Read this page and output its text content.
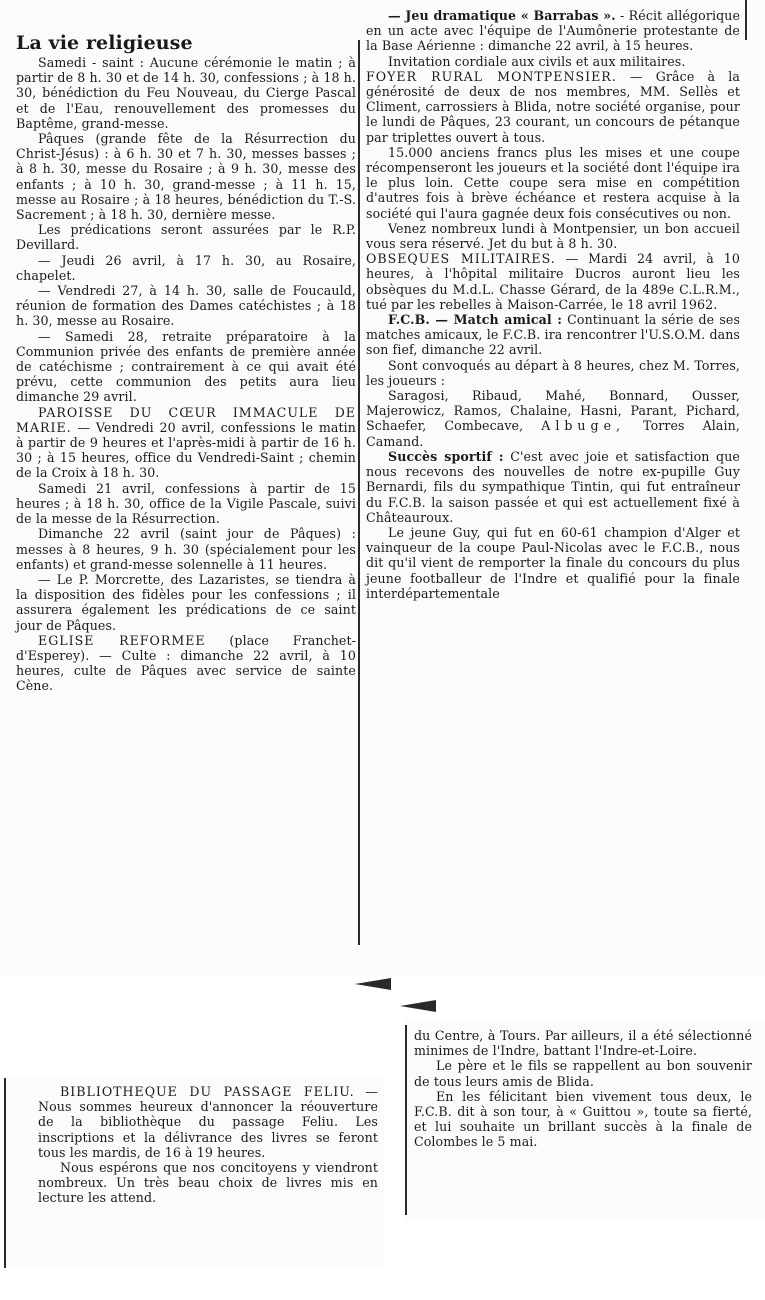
La vie religieuse

Samedi - saint : Aucune cérémonie le matin ; à partir de 8 h. 30 et de 14 h. 30, confessions ; à 18 h. 30, bénédiction du Feu Nouveau, du Cierge Pascal et de l'Eau, renouvellement des promesses du Baptême, grand-messe.

Pâques (grande fête de la Résurrection du Christ-Jésus) : à 6 h. 30 et 7 h. 30, messes basses ; à 8 h. 30, messe du Rosaire ; à 9 h. 30, messe des enfants ; à 10 h. 30, grand-messe ; à 11 h. 15, messe au Rosaire ; à 18 heures, bénédiction du T.-S. Sacrement ; à 18 h. 30, dernière messe.

Les prédications seront assurées par le R.P. Devillard.

— Jeudi 26 avril, à 17 h. 30, au Rosaire, chapelet.

— Vendredi 27, à 14 h. 30, salle de Foucauld, réunion de formation des Dames catéchistes ; à 18 h. 30, messe au Rosaire.

— Samedi 28, retraite préparatoire à la Communion privée des enfants de première année de catéchisme ; contrairement à ce qui avait été prévu, cette communion des petits aura lieu dimanche 29 avril.

PAROISSE DU CŒUR IMMACULE DE MARIE. — Vendredi 20 avril, confessions le matin à partir de 9 heures et l'après-midi à partir de 16 h. 30 ; à 15 heures, office du Vendredi-Saint ; chemin de la Croix à 18 h. 30.

Samedi 21 avril, confessions à partir de 15 heures ; à 18 h. 30, office de la Vigile Pascale, suivi de la messe de la Résurrection.

Dimanche 22 avril (saint jour de Pâques) : messes à 8 heures, 9 h. 30 (spécialement pour les enfants) et grand-messe solennelle à 11 heures.

— Le P. Morcrette, des Lazaristes, se tiendra à la disposition des fidèles pour les confessions ; il assurera également les prédications de ce saint jour de Pâques.

EGLISE REFORMEE (place Franchet-d'Esperey). — Culte : dimanche 22 avril, à 10 heures, culte de Pâques avec service de sainte Cène.

— Jeu dramatique « Barrabas ». - Récit allégorique en un acte avec l'équipe de l'Aumônerie protestante de la Base Aérienne : dimanche 22 avril, à 15 heures.

Invitation cordiale aux civils et aux militaires.

FOYER RURAL MONTPENSIER. — Grâce à la générosité de deux de nos membres, MM. Sellès et Climent, carrossiers à Blida, notre société organise, pour le lundi de Pâques, 23 courant, un concours de pétanque par triplettes ouvert à tous.

15.000 anciens francs plus les mises et une coupe récompenseront les joueurs et la société dont l'équipe ira le plus loin. Cette coupe sera mise en compétition d'autres fois à brève échéance et restera acquise à la société qui l'aura gagnée deux fois consécutives ou non.

Venez nombreux lundi à Montpensier, un bon accueil vous sera réservé. Jet du but à 8 h. 30.

OBSEQUES MILITAIRES. — Mardi 24 avril, à 10 heures, à l'hôpital militaire Ducros auront lieu les obsèques du M.d.L. Chasse Gérard, de la 489e C.L.R.M., tué par les rebelles à Maison-Carrée, le 18 avril 1962.

F.C.B. — Match amical : Continuant la série de ses matches amicaux, le F.C.B. ira rencontrer l'U.S.O.M. dans son fief, dimanche 22 avril.

Sont convoqués au départ à 8 heures, chez M. Torres, les joueurs :

Saragosi, Ribaud, Mahé, Bonnard, Ousser, Majerowicz, Ramos, Chalaine, Hasni, Parant, Pichard, Schaefer, Combecave, Albuge, Torres Alain, Camand.

Succès sportif : C'est avec joie et satisfaction que nous recevons des nouvelles de notre ex-pupille Guy Bernardi, fils du sympathique Tintin, qui fut entraîneur du F.C.B. la saison passée et qui est actuellement fixé à Châteauroux.

Le jeune Guy, qui fut en 60-61 champion d'Alger et vainqueur de la coupe Paul-Nicolas avec le F.C.B., nous dit qu'il vient de remporter la finale du concours du plus jeune footballeur de l'Indre et qualifié pour la finale interdépartementale

du Centre, à Tours. Par ailleurs, il a été sélectionné minimes de l'Indre, battant l'Indre-et-Loire.

Le père et le fils se rappellent au bon souvenir de tous leurs amis de Blida.

En les félicitant bien vivement tous deux, le F.C.B. dit à son tour, à « Guittou », toute sa fierté, et lui souhaite un brillant succès à la finale de Colombes le 5 mai.

BIBLIOTHEQUE DU PASSAGE FELIU. — Nous sommes heureux d'annoncer la réouverture de la bibliothèque du passage Feliu. Les inscriptions et la délivrance des livres se feront tous les mardis, de 16 à 19 heures.

Nous espérons que nos concitoyens y viendront nombreux. Un très beau choix de livres mis en lecture les attend.
